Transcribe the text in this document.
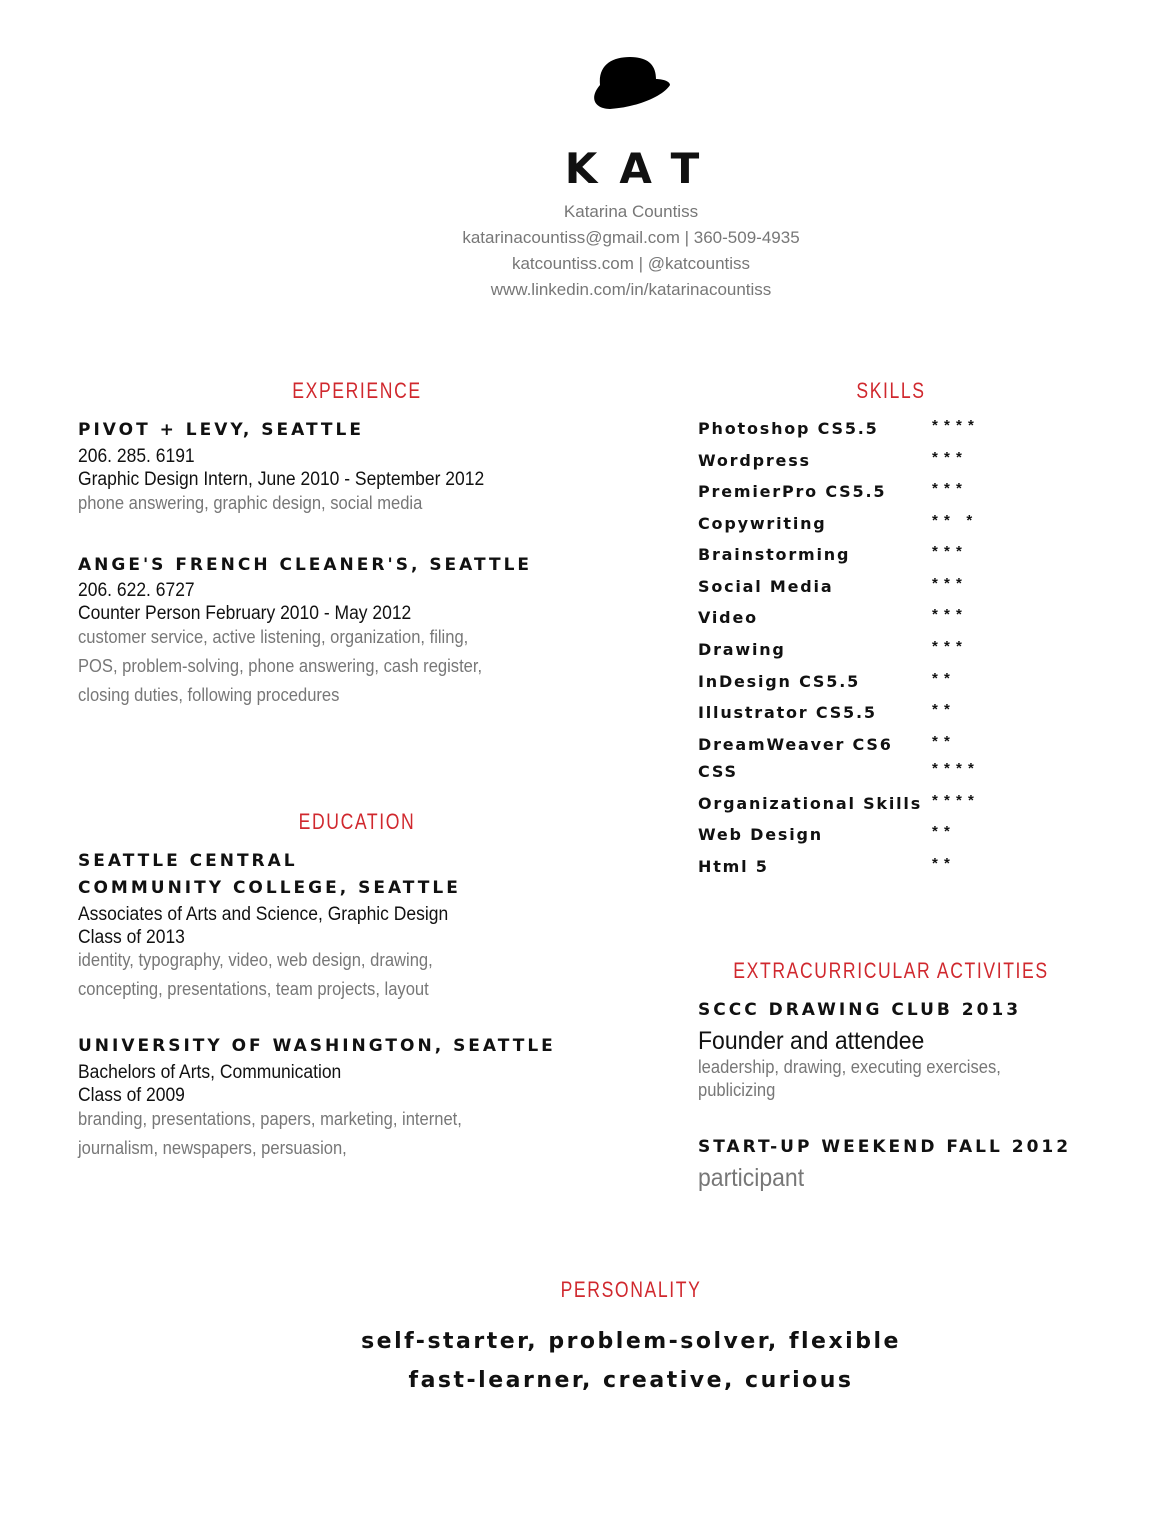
KAT
Katarina Countiss
katarinacountiss@gmail.com | 360-509-4935
katcountiss.com | @katcountiss
www.linkedin.com/in/katarinacountiss
EXPERIENCE
PIVOT + LEVY, SEATTLE
206. 285. 6191
Graphic Design Intern, June 2010 - September 2012
phone answering, graphic design, social media
ANGE'S FRENCH CLEANER'S, SEATTLE
206. 622. 6727
Counter Person February 2010 - May 2012
customer service, active listening, organization, filing,
POS, problem-solving, phone answering, cash register,
closing duties, following procedures
EDUCATION
SEATTLE CENTRAL
COMMUNITY COLLEGE, SEATTLE
Associates of Arts and Science, Graphic Design
Class of 2013
identity, typography, video, web design, drawing,
concepting, presentations, team projects, layout
UNIVERSITY OF WASHINGTON, SEATTLE
Bachelors of Arts, Communication
Class of 2009
branding, presentations, papers, marketing, internet,
journalism, newspapers, persuasion,
SKILLS
Photoshop CS5.5	* * * *
Wordpress	* * *
PremierPro CS5.5	* * *
Copywriting	* *   *
Brainstorming	* * *
Social Media	* * *
Video	* * *
Drawing	* * *
InDesign CS5.5	* *
Illustrator CS5.5	* *
DreamWeaver CS6	* *
CSS	* * * *
Organizational Skills * * * *
Web Design	* *
Html 5	* *
EXTRACURRICULAR ACTIVITIES
SCCC DRAWING CLUB 2013
Founder and attendee
leadership, drawing, executing exercises,
publicizing
START-UP WEEKEND FALL 2012
participant
PERSONALITY
self-starter, problem-solver, flexible
fast-learner, creative, curious
